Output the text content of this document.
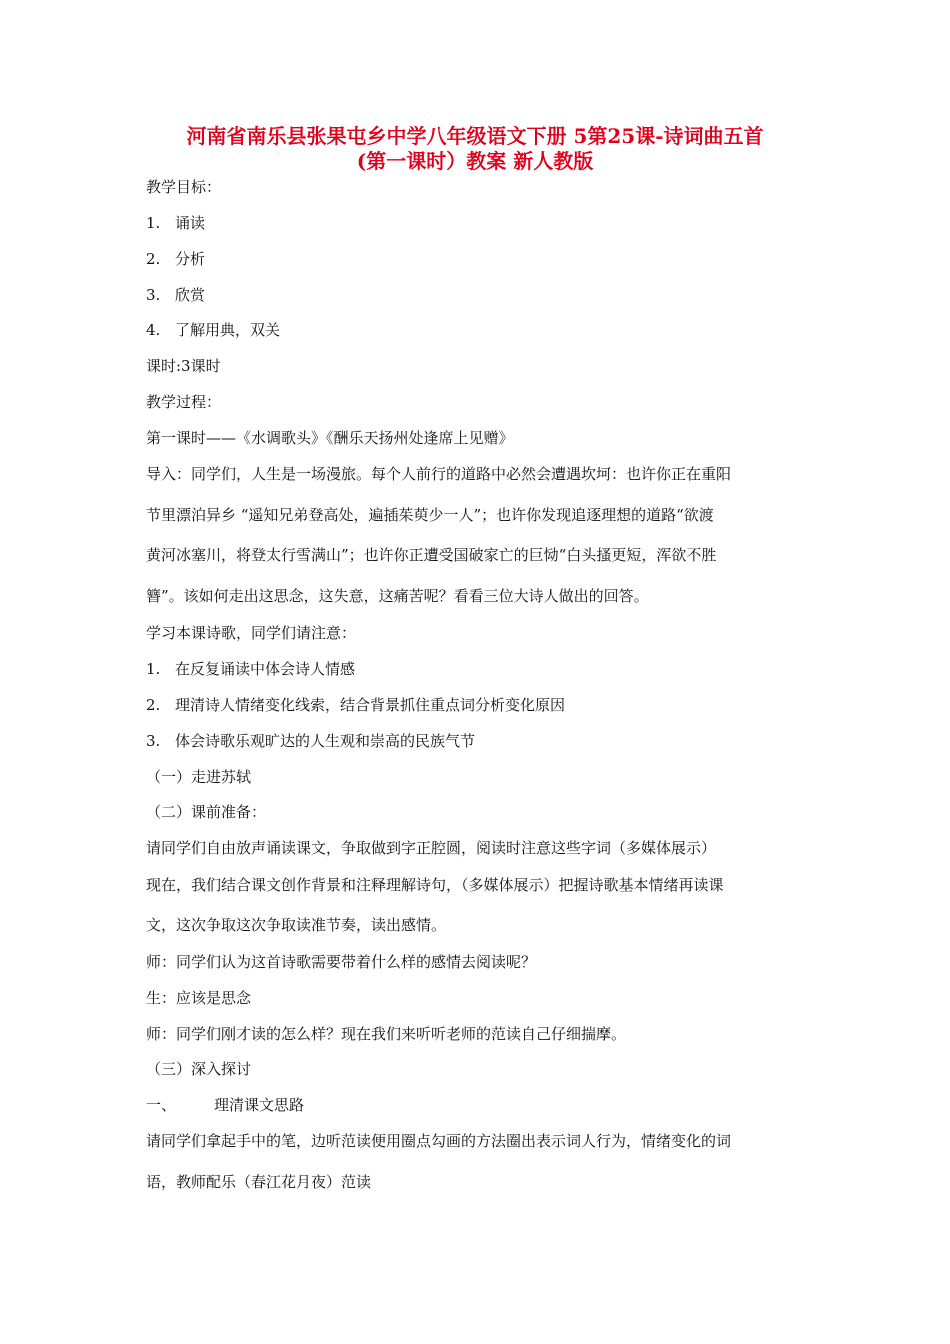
河南省南乐县张果屯乡中学八年级语文下册 5第25课-诗词曲五首
(第一课时）教案 新人教版
教学目标：
1. 诵读
2. 分析
3. 欣赏
4. 了解用典，双关
课时:3课时
教学过程：
第一课时——《水调歌头》《酬乐天扬州处逢席上见赠》
导入：同学们，人生是一场漫旅。每个人前行的道路中必然会遭遇坎坷：也许你正在重阳
节里漂泊异乡 “遥知兄弟登高处，遍插茱萸少一人”；也许你发现追逐理想的道路“欲渡
黄河冰塞川，将登太行雪满山”；也许你正遭受国破家亡的巨恸“白头搔更短，浑欲不胜
簪”。该如何走出这思念，这失意，这痛苦呢？看看三位大诗人做出的回答。
学习本课诗歌，同学们请注意：
1. 在反复诵读中体会诗人情感
2. 理清诗人情绪变化线索，结合背景抓住重点词分析变化原因
3. 体会诗歌乐观旷达的人生观和崇高的民族气节
（一）走进苏轼
（二）课前准备：
请同学们自由放声诵读课文，争取做到字正腔圆，阅读时注意这些字词（多媒体展示）
现在，我们结合课文创作背景和注释理解诗句，（多媒体展示）把握诗歌基本情绪再读课
文，这次争取这次争取读准节奏，读出感情。
师：同学们认为这首诗歌需要带着什么样的感情去阅读呢？
生：应该是思念
师：同学们刚才读的怎么样？现在我们来听听老师的范读自己仔细揣摩。
（三）深入探讨
一、	理清课文思路
请同学们拿起手中的笔，边听范读便用圈点勾画的方法圈出表示词人行为，情绪变化的词
语，教师配乐（春江花月夜）范读
